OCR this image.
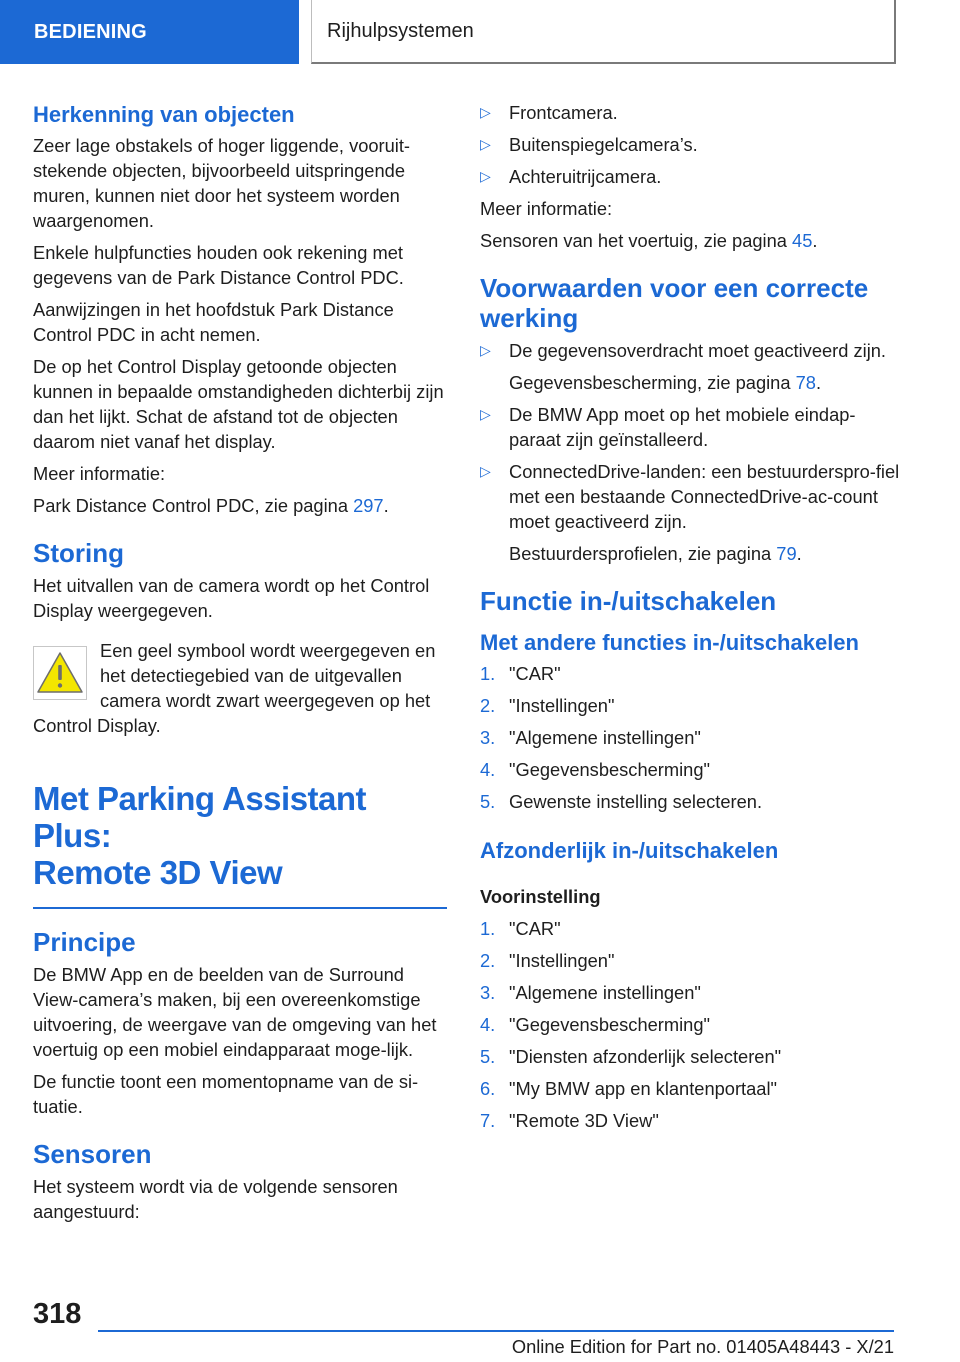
BEDIENING	Rijhulpsystemen
Herkenning van objecten

Zeer lage obstakels of hoger liggende, vooruit-stekende objecten, bijvoorbeeld uitspringende muren, kunnen niet door het systeem worden waargenomen.

Enkele hulpfuncties houden ook rekening met gegevens van de Park Distance Control PDC.

Aanwijzingen in het hoofdstuk Park Distance Control PDC in acht nemen.

De op het Control Display getoonde objecten kunnen in bepaalde omstandigheden dichterbij zijn dan het lijkt. Schat de afstand tot de objecten daarom niet vanaf het display.

Meer informatie:

Park Distance Control PDC, zie pagina 297.

Storing

Het uitvallen van de camera wordt op het Control Display weergegeven.

Een geel symbool wordt weergegeven en het detectiegebied van de uitgevallen camera wordt zwart weergegeven op het
Control Display.
Met Parking Assistant Plus:
Remote 3D View
Principe

De BMW App en de beelden van de Surround View-camera’s maken, bij een overeenkomstige uitvoering, de weergave van de omgeving van het voertuig op een mobiel eindapparaat moge-lijk.

De functie toont een momentopname van de si-tuatie.

Sensoren

Het systeem wordt via de volgende sensoren aangestuurd:

▷ Frontcamera.
▷ Buitenspiegelcamera’s.
▷ Achteruitrijcamera.

Meer informatie:

Sensoren van het voertuig, zie pagina 45.

Voorwaarden voor een correcte werking
▷ De gegevensoverdracht moet geactiveerd zijn.

Gegevensbescherming, zie pagina 78.

▷ De BMW App moet op het mobiele eindap-paraat zijn geïnstalleerd.

▷ ConnectedDrive-landen: een bestuurderspro-fiel met een bestaande ConnectedDrive-ac-count moet geactiveerd zijn.

Bestuurdersprofielen, zie pagina 79.

Functie in-/uitschakelen
Met andere functies in-/uitschakelen
1. "CAR"
2. "Instellingen"
3. "Algemene instellingen"
4. "Gegevensbescherming"
5. Gewenste instelling selecteren.
Afzonderlijk in-/uitschakelen
Voorinstelling
1. "CAR"
2. "Instellingen"
3. "Algemene instellingen"
4. "Gegevensbescherming"
5. "Diensten afzonderlijk selecteren"
6. "My BMW app en klantenportaal"
7. "Remote 3D View"
318
Online Edition for Part no. 01405A48443 - X/21
